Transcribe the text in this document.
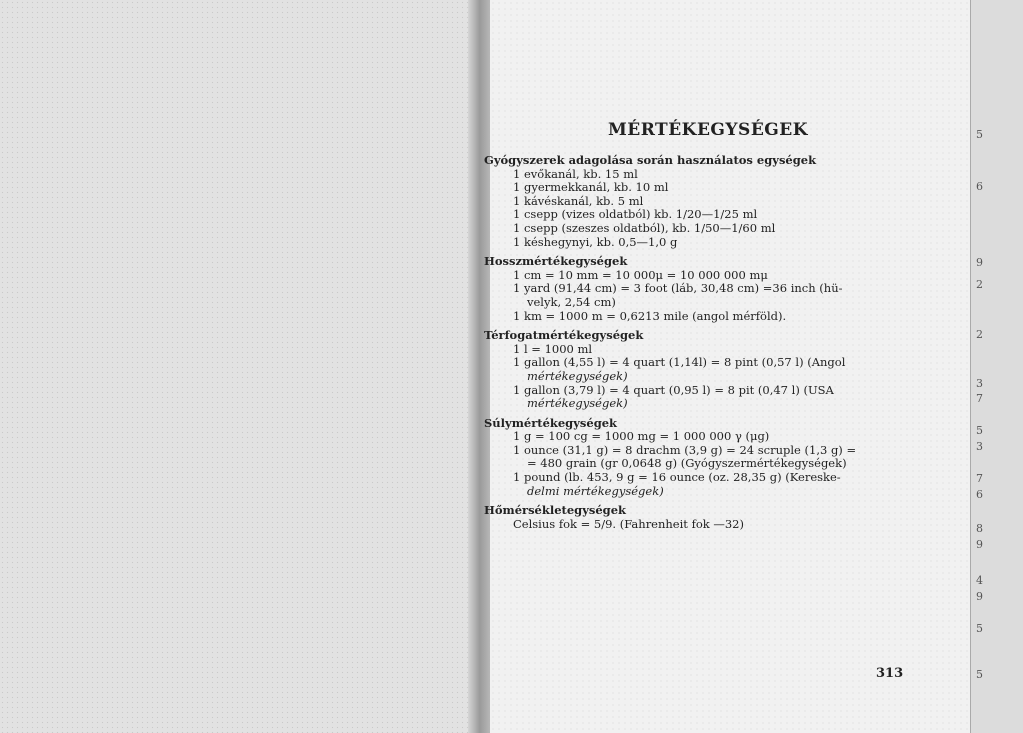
5
6
9
2
2
3
7
5
3
7
6
8
9
4
9
5
5
MÉRTÉKEGYSÉGEK
Gyógyszerek adagolása során használatos egységek
1 evőkanál, kb. 15 ml
1 gyermekkanál, kb. 10 ml
1 kávéskanál, kb. 5 ml
1 csepp (vizes oldatból) kb. 1/20—1/25 ml
1 csepp (szeszes oldatból), kb. 1/50—1/60 ml
1 késhegynyi, kb. 0,5—1,0 g
Hosszmértékegységek
1 cm = 10 mm = 10 000μ = 10 000 000 mμ
1 yard (91,44 cm) = 3 foot (láb, 30,48 cm) =36 inch (hü-
velyk, 2,54 cm)
1 km = 1000 m = 0,6213 mile (angol mérföld).
Térfogatmértékegységek
1 l = 1000 ml
1 gallon (4,55 l) = 4 quart (1,14l) = 8 pint (0,57 l) (Angol
mértékegységek)
1 gallon (3,79 l) = 4 quart (0,95 l) = 8 pit (0,47 l) (USA
mértékegységek)
Súlymértékegységek
1 g = 100 cg = 1000 mg = 1 000 000 γ (μg)
1 ounce (31,1 g) = 8 drachm (3,9 g) = 24 scruple (1,3 g) =
= 480 grain (gr 0,0648 g) (Gyógyszermértékegységek)
1 pound (lb. 453, 9 g = 16 ounce (oz. 28,35 g) (Kereske-
delmi mértékegységek)
Hőmérsékletegységek
Celsius fok = 5/9. (Fahrenheit fok —32)
313
